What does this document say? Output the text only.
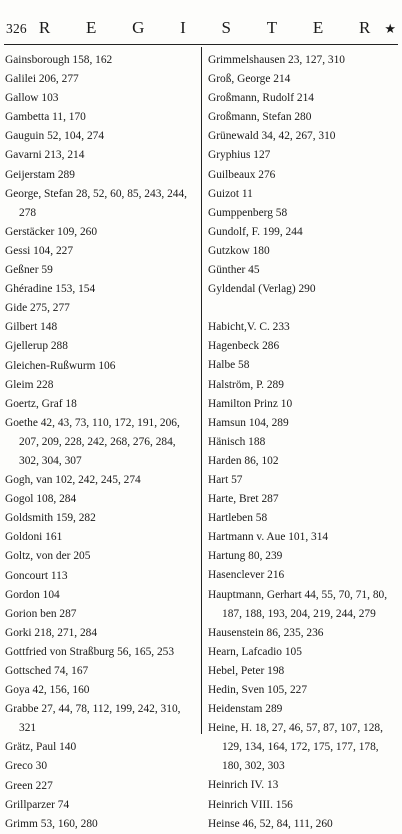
326 R E G I S T E R ★
Gainsborough 158, 162
Galilei 206, 277
Gallow 103
Gambetta 11, 170
Gauguin 52, 104, 274
Gavarni 213, 214
Geijerstam 289
George, Stefan 28, 52, 60, 85, 243, 244, 278
Gerstäcker 109, 260
Gessi 104, 227
Geßner 59
Ghéradine 153, 154
Gide 275, 277
Gilbert 148
Gjellerup 288
Gleichen-Rußwurm 106
Gleim 228
Goertz, Graf 18
Goethe 42, 43, 73, 110, 172, 191, 206, 207, 209, 228, 242, 268, 276, 284, 302, 304, 307
Gogh, van 102, 242, 245, 274
Gogol 108, 284
Goldsmith 159, 282
Goldoni 161
Goltz, von der 205
Goncourt 113
Gordon 104
Gorion ben 287
Gorki 218, 271, 284
Gottfried von Straßburg 56, 165, 253
Gottsched 74, 167
Goya 42, 156, 160
Grabbe 27, 44, 78, 112, 199, 242, 310, 321
Grätz, Paul 140
Greco 30
Green 227
Grillparzer 74
Grimm 53, 160, 280
Grimmelshausen 23, 127, 310
Groß, George 214
Großmann, Rudolf 214
Großmann, Stefan 280
Grünewald 34, 42, 267, 310
Gryphius 127
Guilbeaux 276
Guizot 11
Gumppenberg 58
Gundolf, F. 199, 244
Gutzkow 180
Günther 45
Gyldendal (Verlag) 290
Habicht,V. C. 233
Hagenbeck 286
Halbe 58
Halström, P. 289
Hamilton Prinz 10
Hamsun 104, 289
Hänisch 188
Harden 86, 102
Hart 57
Harte, Bret 287
Hartleben 58
Hartmann v. Aue 101, 314
Hartung 80, 239
Hasenclever 216
Hauptmann, Gerhart 44, 55, 70, 71, 80, 187, 188, 193, 204, 219, 244, 279
Hausenstein 86, 235, 236
Hearn, Lafcadio 105
Hebel, Peter 198
Hedin, Sven 105, 227
Heidenstam 289
Heine, H. 18, 27, 46, 57, 87, 107, 128, 129, 134, 164, 172, 175, 177, 178, 180, 302, 303
Heinrich IV. 13
Heinrich VIII. 156
Heinse 46, 52, 84, 111, 260
